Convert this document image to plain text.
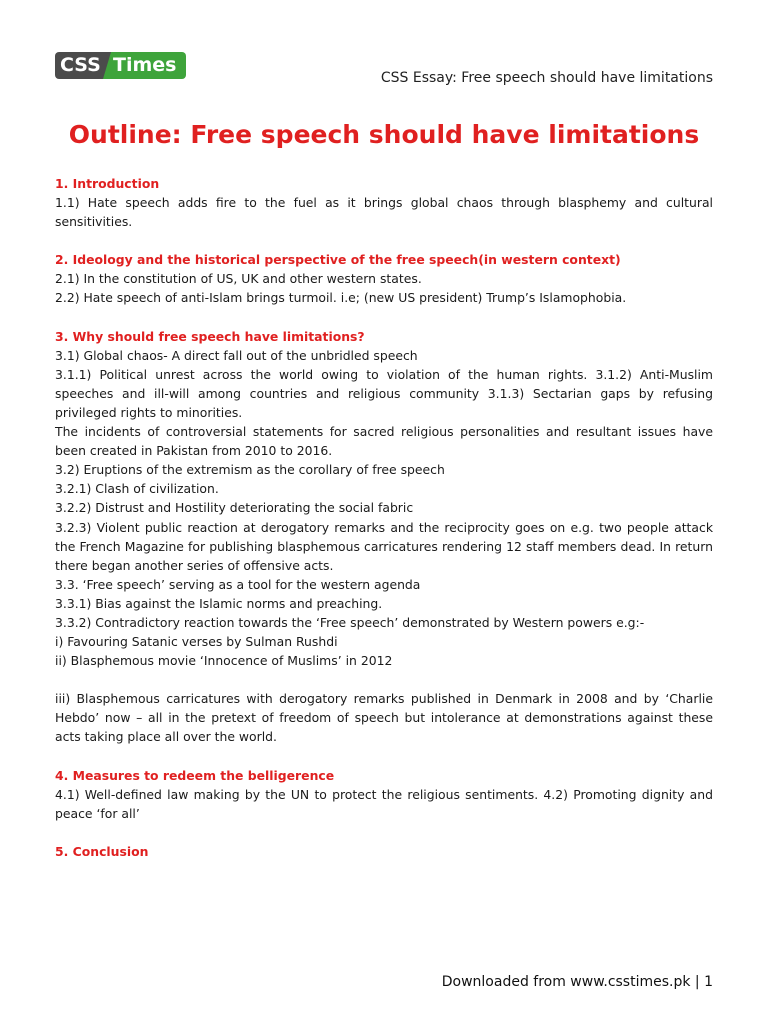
CSS Times
CSS Essay: Free speech should have limitations
Outline: Free speech should have limitations
1. Introduction
1.1) Hate speech adds fire to the fuel as it brings global chaos through blasphemy and cultural sensitivities.
2. Ideology and the historical perspective of the free speech(in western context)
2.1) In the constitution of US, UK and other western states.
2.2) Hate speech of anti-Islam brings turmoil. i.e; (new US president) Trump’s Islamophobia.
3. Why should free speech have limitations?
3.1) Global chaos- A direct fall out of the unbridled speech
3.1.1) Political unrest across the world owing to violation of the human rights. 3.1.2) Anti-Muslim speeches and ill-will among countries and religious community 3.1.3) Sectarian gaps by refusing privileged rights to minorities.
The incidents of controversial statements for sacred religious personalities and resultant issues have been created in Pakistan from 2010 to 2016.
3.2) Eruptions of the extremism as the corollary of free speech
3.2.1) Clash of civilization.
3.2.2) Distrust and Hostility deteriorating the social fabric
3.2.3) Violent public reaction at derogatory remarks and the reciprocity goes on e.g. two people attack the French Magazine for publishing blasphemous carricatures rendering 12 staff members dead. In return there began another series of offensive acts.
3.3. ‘Free speech’ serving as a tool for the western agenda
3.3.1) Bias against the Islamic norms and preaching.
3.3.2) Contradictory reaction towards the ‘Free speech’ demonstrated by Western powers e.g:-
i) Favouring Satanic verses by Sulman Rushdi
ii) Blasphemous movie ‘Innocence of Muslims’ in 2012
iii) Blasphemous carricatures with derogatory remarks published in Denmark in 2008 and by ‘Charlie Hebdo’ now – all in the pretext of freedom of speech but intolerance at demonstrations against these acts taking place all over the world.
4. Measures to redeem the belligerence
4.1) Well-defined law making by the UN to protect the religious sentiments. 4.2) Promoting dignity and peace ‘for all’
5. Conclusion
Downloaded from www.csstimes.pk | 1
